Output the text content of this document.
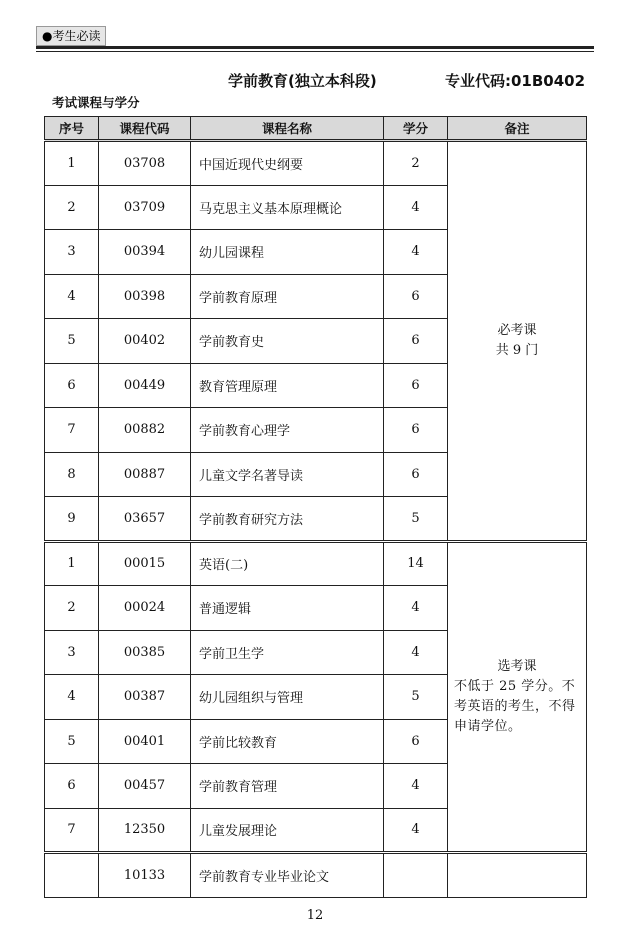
●考生必读
学前教育(独立本科段)	专业代码:01B0402
考试课程与学分
序号	课程代码	课程名称	学分	备注
1	03708	中国近现代史纲要	2	必考课
共 9 门

2	03709	马克思主义基本原理概论	4	
3	00394	幼儿园课程	4	
4	00398	学前教育原理	6	
5	00402	学前教育史	6	
6	00449	教育管理原理	6	
7	00882	学前教育心理学	6	
8	00887	儿童文学名著导读	6	
9	03657	学前教育研究方法	5	
1	00015	英语(二)	14	选考课
不低于 25 学分。不考英语的考生，不得申请学位。

2	00024	普通逻辑	4	
3	00385	学前卫生学	4	
4	00387	幼儿园组织与管理	5	
5	00401	学前比较教育	6	
6	00457	学前教育管理	4	
7	12350	儿童发展理论	4	
	10133	学前教育专业毕业论文		
12
